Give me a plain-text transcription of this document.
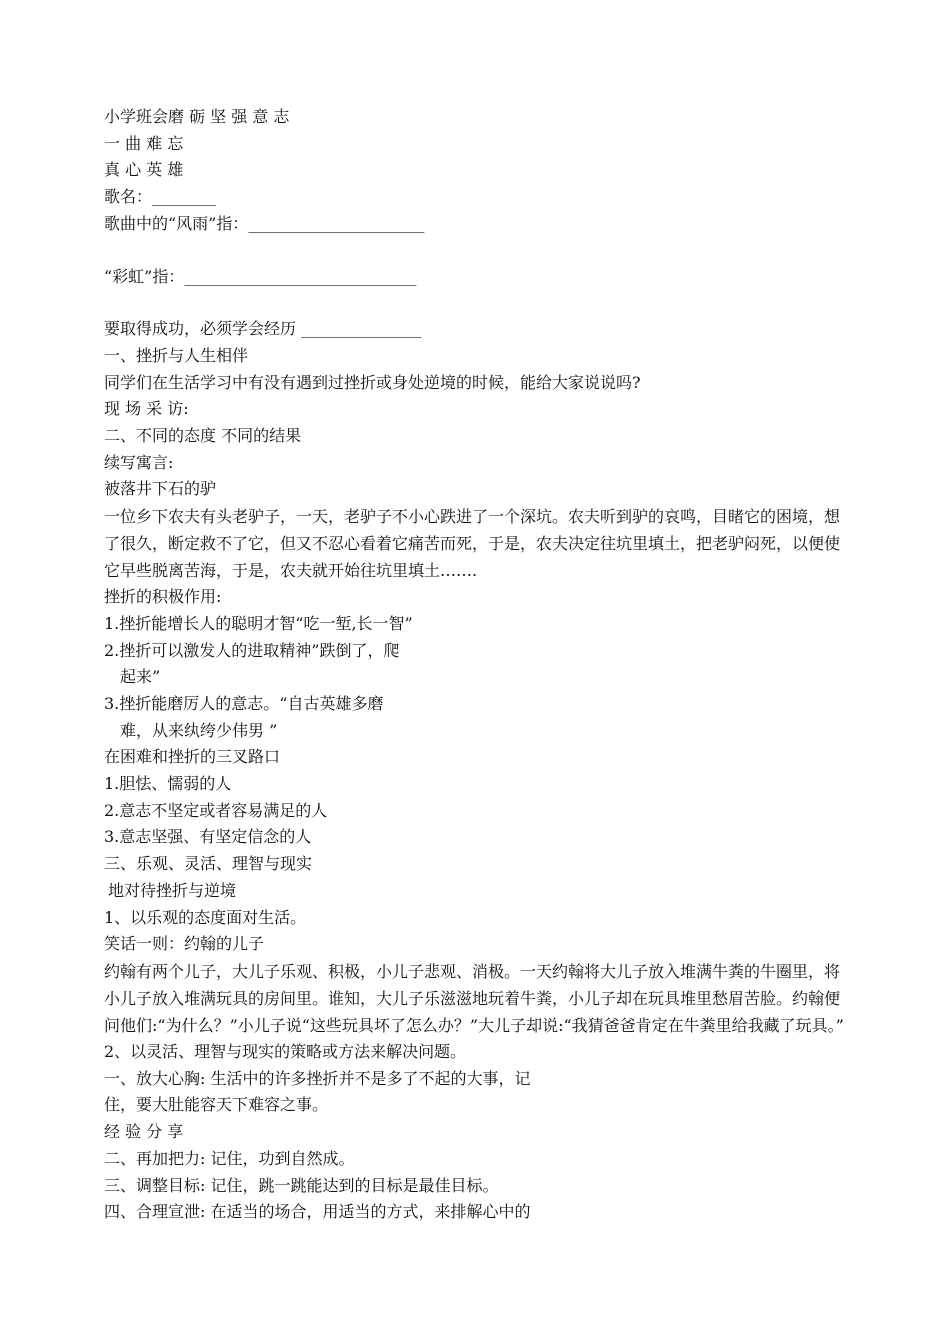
小学班会磨 砺 坚 强 意 志
一 曲 难 忘
真 心 英 雄
歌名：________
歌曲中的“风雨”指：______________________
“彩虹”指：_____________________________
要取得成功，必须学会经历 _______________
一、挫折与人生相伴
同学们在生活学习中有没有遇到过挫折或身处逆境的时候，能给大家说说吗?
现 场 采 访:
二、不同的态度 不同的结果
续写寓言:
被落井下石的驴
一位乡下农夫有头老驴子，一天，老驴子不小心跌进了一个深坑。农夫听到驴的哀鸣，目睹它的困境，想了很久，断定救不了它，但又不忍心看着它痛苦而死，于是，农夫决定往坑里填土，把老驴闷死，以便使它早些脱离苦海，于是，农夫就开始往坑里填土…….
挫折的积极作用:
1.挫折能增长人的聪明才智“吃一堑,长一智”
2.挫折可以激发人的进取精神”跌倒了，爬
起来”
3.挫折能磨厉人的意志。“自古英雄多磨
难，从来纨绔少伟男 ”
在困难和挫折的三叉路口
1.胆怯、懦弱的人
2.意志不坚定或者容易满足的人
3.意志坚强、有坚定信念的人
三、乐观、灵活、理智与现实
地对待挫折与逆境
1、以乐观的态度面对生活。
笑话一则：约翰的儿子
约翰有两个儿子，大儿子乐观、积极，小儿子悲观、消极。一天约翰将大儿子放入堆满牛粪的牛圈里，将小儿子放入堆满玩具的房间里。谁知，大儿子乐滋滋地玩着牛粪，小儿子却在玩具堆里愁眉苦脸。约翰便问他们:“为什么？”小儿子说“这些玩具坏了怎么办？”大儿子却说:“我猜爸爸肯定在牛粪里给我藏了玩具。”
2、以灵活、理智与现实的策略或方法来解决问题。
一、放大心胸: 生活中的许多挫折并不是多了不起的大事，记
住，要大肚能容天下难容之事。
经 验 分 享
二、再加把力: 记住，功到自然成。
三、调整目标: 记住，跳一跳能达到的目标是最佳目标。
四、合理宣泄: 在适当的场合，用适当的方式，来排解心中的
